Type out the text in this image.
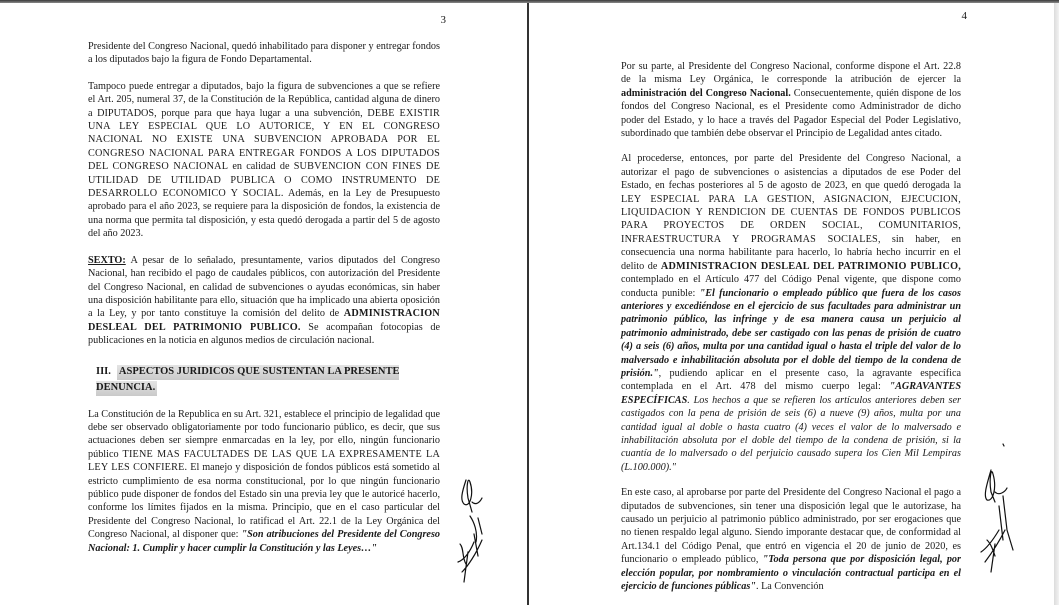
3

Presidente del Congreso Nacional, quedó inhabilitado para disponer y entregar fondos a los diputados bajo la figura de Fondo Departamental.

Tampoco puede entregar a diputados, bajo la figura de subvenciones a que se refiere el Art. 205, numeral 37, de la Constitución de la República, cantidad alguna de dinero a DIPUTADOS, porque para que haya lugar a una subvención, DEBE EXISTIR UNA LEY ESPECIAL QUE LO AUTORICE, Y EN EL CONGRESO NACIONAL NO EXISTE UNA SUBVENCION APROBADA POR EL CONGRESO NACIONAL PARA ENTREGAR FONDOS A LOS DIPUTADOS DEL CONGRESO NACIONAL en calidad de SUBVENCION CON FINES DE UTILIDAD DE UTILIDAD PUBLICA O COMO INSTRUMENTO DE DESARROLLO ECONOMICO Y SOCIAL. Además, en la Ley de Presupuesto aprobado para el año 2023, se requiere para la disposición de fondos, la existencia de una norma que permita tal disposición, y esta quedó derogada a partir del 5 de agosto del año 2023.

SEXTO: A pesar de lo señalado, presuntamente, varios diputados del Congreso Nacional, han recibido el pago de caudales públicos, con autorización del Presidente del Congreso Nacional, en calidad de subvenciones o ayudas económicas, sin haber una disposición habilitante para ello, situación que ha implicado una abierta oposición a la Ley, y por tanto constituye la comisión del delito de ADMINISTRACION DESLEAL DEL PATRIMONIO PUBLICO. Se acompañan fotocopias de publicaciones en la noticia en algunos medios de circulación nacional.

III. ASPECTOS JURIDICOS QUE SUSTENTAN LA PRESENTE DENUNCIA.

La Constitución de la Republica en su Art. 321, establece el principio de legalidad que debe ser observado obligatoriamente por todo funcionario público, es decir, que sus actuaciones deben ser siempre enmarcadas en la ley, por ello, ningún funcionario público TIENE MAS FACULTADES DE LAS QUE LA EXPRESAMENTE LA LEY LES CONFIERE. El manejo y disposición de fondos públicos está sometido al estricto cumplimiento de esa norma constitucional, por lo que ningún funcionario público pude disponer de fondos del Estado sin una previa ley que le autoricé hacerlo, conforme los límites fijados en la misma. Principio, que en el caso particular del Presidente del Congreso Nacional, lo ratificad el Art. 22.1 de la Ley Orgánica del Congreso Nacional, al disponer que: "Son atribuciones del Presidente del Congreso Nacional: 1. Cumplir y hacer cumplir la Constitución y las Leyes…"

4

Por su parte, al Presidente del Congreso Nacional, conforme dispone el Art. 22.8 de la misma Ley Orgánica, le corresponde la atribución de ejercer la administración del Congreso Nacional. Consecuentemente, quién dispone de los fondos del Congreso Nacional, es el Presidente como Administrador de dicho poder del Estado, y lo hace a través del Pagador Especial del Poder Legislativo, subordinado que también debe observar el Principio de Legalidad antes citado.

Al procederse, entonces, por parte del Presidente del Congreso Nacional, a autorizar el pago de subvenciones o asistencias a diputados de ese Poder del Estado, en fechas posteriores al 5 de agosto de 2023, en que quedó derogada la LEY ESPECIAL PARA LA GESTION, ASIGNACION, EJECUCION, LIQUIDACION Y RENDICION DE CUENTAS DE FONDOS PUBLICOS PARA PROYECTOS DE ORDEN SOCIAL, COMUNITARIOS, INFRAESTRUCTURA Y PROGRAMAS SOCIALES, sin haber, en consecuencia una norma habilitante para hacerlo, lo habría hecho incurrir en el delito de ADMINISTRACION DESLEAL DEL PATRIMONIO PUBLICO, contemplado en el Artículo 477 del Código Penal vigente, que dispone como conducta punible: "El funcionario o empleado público que fuera de los casos anteriores y excediéndose en el ejercicio de sus facultades para administrar un patrimonio público, las infringe y de esa manera causa un perjuicio al patrimonio administrado, debe ser castigado con las penas de prisión de cuatro (4) a seis (6) años, multa por una cantidad igual o hasta el triple del valor de lo malversado e inhabilitación absoluta por el doble del tiempo de la condena de prisión.", pudiendo aplicar en el presente caso, la agravante específica contemplada en el Art. 478 del mismo cuerpo legal: "AGRAVANTES ESPECÍFICAS. Los hechos a que se refieren los artículos anteriores deben ser castigados con la pena de prisión de seis (6) a nueve (9) años, multa por una cantidad igual al doble o hasta cuatro (4) veces el valor de lo malversado e inhabilitación absoluta por el doble del tiempo de la condena de prisión, si la cuantía de lo malversado o del perjuicio causado supera los Cien Mil Lempiras (L.100.000)."

En este caso, al aprobarse por parte del Presidente del Congreso Nacional el pago a diputados de subvenciones, sin tener una disposición legal que le autorizase, ha causado un perjuicio al patrimonio público administrado, por ser erogaciones que no tienen respaldo legal alguno. Siendo imporante destacar que, de conformidad al Art.134.1 del Código Penal, que entró en vigencia el 20 de junio de 2020, es funcionario o empleado público, "Toda persona que por disposición legal, por elección popular, por nombramiento o vinculación contractual participa en el ejercicio de funciones públicas". La Convención
